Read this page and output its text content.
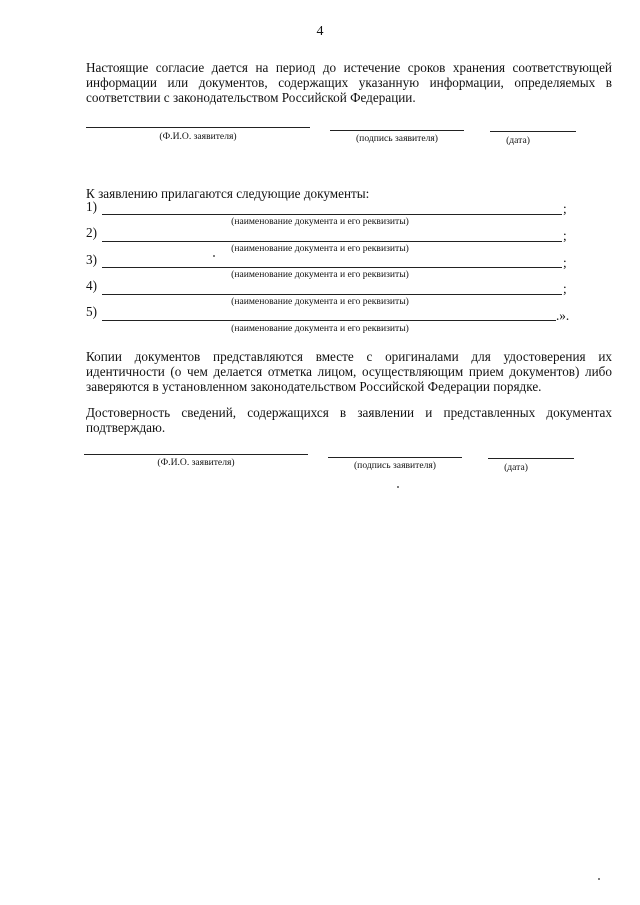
4
Настоящие согласие дается на период до истечение сроков хранения соответствующей информации или документов, содержащих указанную информации, определяемых в соответствии с законодательством Российской Федерации.
(Ф.И.О. заявителя)	(подпись заявителя)	(дата)
К заявлению прилагаются следующие документы:
1)	;
(наименование документа и его реквизиты)
2)	;
(наименование документа и его реквизиты)
3)	;
(наименование документа и его реквизиты)
4)	;
(наименование документа и его реквизиты)
5)	.».
(наименование документа и его реквизиты)
Копии документов представляются вместе с оригиналами для удостоверения их идентичности (о чем делается отметка лицом, осуществляющим прием документов) либо заверяются в установленном законодательством Российской Федерации порядке.
Достоверность сведений, содержащихся в заявлении и представленных документах подтверждаю.
(Ф.И.О. заявителя)	(подпись заявителя)	(дата)
